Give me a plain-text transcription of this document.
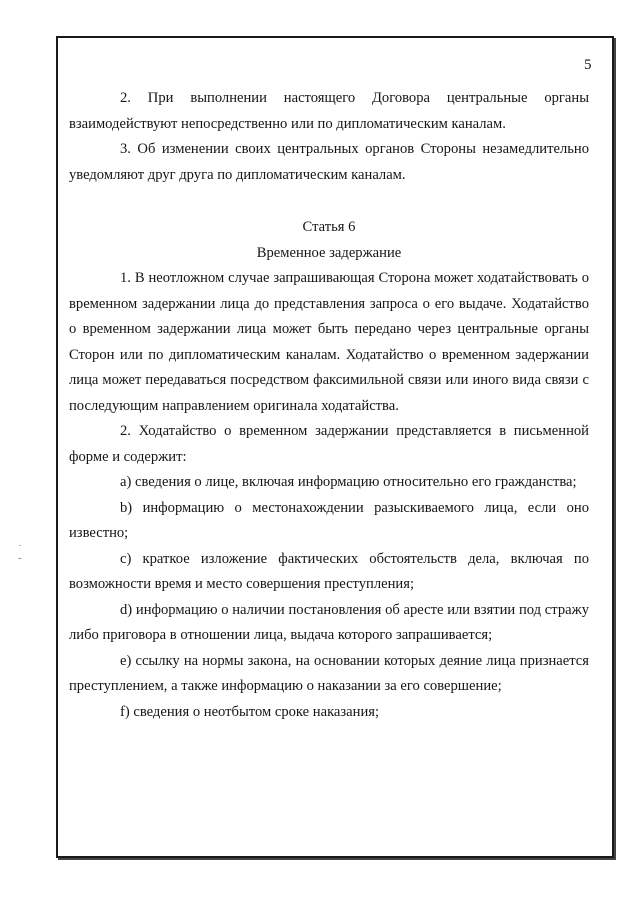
·
-
5

2. При выполнении настоящего Договора центральные органы взаимодействуют непосредственно или по дипломатическим каналам.

3. Об изменении своих центральных органов Стороны незамедлительно уведомляют друг друга по дипломатическим каналам.

Статья 6

Временное задержание

1. В неотложном случае запрашивающая Сторона может ходатайствовать о временном задержании лица до представления запроса о его выдаче. Ходатайство о временном задержании лица может быть передано через центральные органы Сторон или по дипломатическим каналам. Ходатайство о временном задержании лица может передаваться посредством факсимильной связи или иного вида связи с последующим направлением оригинала ходатайства.

2. Ходатайство о временном задержании представляется в письменной форме и содержит:

a) сведения о лице, включая информацию относительно его гражданства;

b) информацию о местонахождении разыскиваемого лица, если оно известно;

c) краткое изложение фактических обстоятельств дела, включая по возможности время и место совершения преступления;

d) информацию о наличии постановления об аресте или взятии под стражу либо приговора в отношении лица, выдача которого запрашивается;

e) ссылку на нормы закона, на основании которых деяние лица признается преступлением, а также информацию о наказании за его совершение;

f) сведения о неотбытом сроке наказания;
